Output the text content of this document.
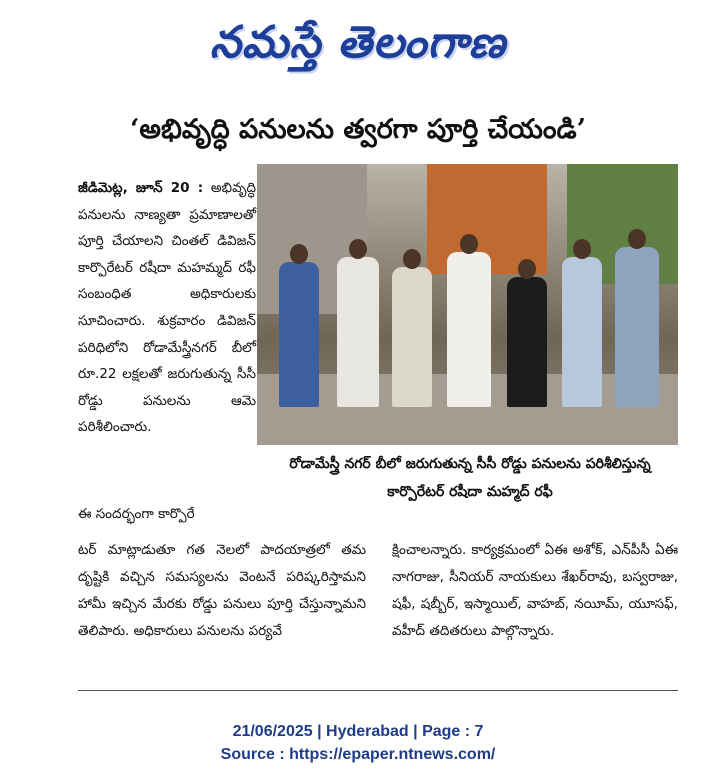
నమస్తే తెలంగాణ
‘అభివృద్ధి పనులను త్వరగా పూర్తి చేయండి’

జీడిమెట్ల, జూన్ 20 : అభివృద్ధి పనులను నాణ్యతా ప్రమాణాలతో పూర్తి చేయాలని చింతల్ డివిజన్ కార్పొరేటర్ రషీదా మహమ్మద్ రఫీ సంబంధిత అధికారులకు సూచించారు. శుక్రవారం డివిజన్ పరిధిలోని రోడామేస్త్రీనగర్ బీలో రూ.22 లక్షలతో జరుగుతున్న సీసీ రోడ్డు పనులను ఆమె పరిశీలించారు.

రోడామేస్త్రీ నగర్ బీలో జరుగుతున్న సీసీ రోడ్డు పనులను పరిశీలిస్తున్న కార్పొరేటర్ రషీదా మహ్మద్ రఫీ

ఈ సందర్భంగా కార్పొరే

టర్ మాట్లాడుతూ గత నెలలో పాదయాత్రలో తమ దృష్టికి వచ్చిన సమస్యలను వెంటనే పరిష్కరిస్తామని హామీ ఇచ్చిన మేరకు రోడ్డు పనులు పూర్తి చేస్తున్నామని తెలిపారు. అధికారులు పనులను పర్యవే

క్షించాలన్నారు. కార్యక్రమంలో ఏఈ అశోక్, ఎన్‌పీసీ ఏఈ నాగరాజు, సీనియర్ నాయకులు శేఖర్‌రావు, బస్వరాజు, షఫీ, షబ్బీర్, ఇస్మాయిల్, వాహబ్, నయీమ్, యూసఫ్, వహీద్ తదితరులు పాల్గొన్నారు.

21/06/2025 | Hyderabad | Page : 7
Source : https://epaper.ntnews.com/
